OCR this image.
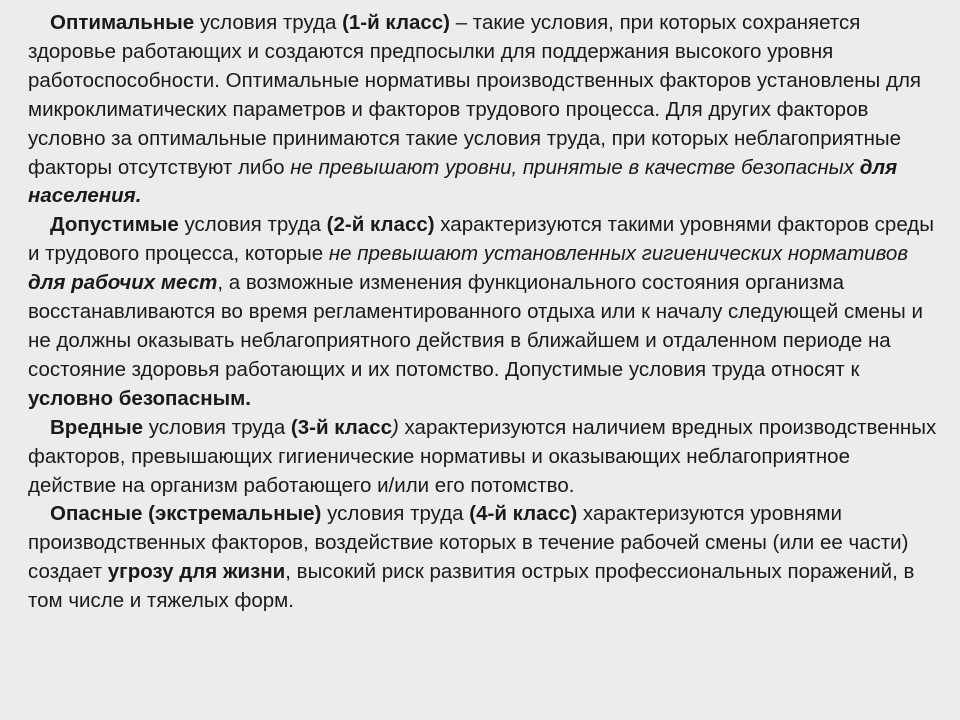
Оптимальные условия труда (1-й класс) – такие условия, при которых сохраняется здоровье работающих и создаются предпосылки для поддержания высокого уровня работоспособности. Оптимальные нормативы производственных факторов установлены для микроклиматических параметров и факторов трудового процесса. Для других факторов условно за оптимальные принимаются такие условия труда, при которых неблагоприятные факторы отсутствуют либо не превышают уровни, принятые в качестве безопасных для населения.

Допустимые условия труда (2-й класс) характеризуются такими уровнями факторов среды и трудового процесса, которые не превышают установленных гигиенических нормативов для рабочих мест, а возможные изменения функционального состояния организма восстанавливаются во время регламентированного отдыха или к началу следующей смены и не должны оказывать неблагоприятного действия в ближайшем и отдаленном периоде на состояние здоровья работающих и их потомство. Допустимые условия труда относят к условно безопасным.

Вредные условия труда (3-й класс) характеризуются наличием вредных производственных факторов, превышающих гигиенические нормативы и оказывающих неблагоприятное действие на организм работающего и/или его потомство.

Опасные (экстремальные) условия труда (4-й класс) характеризуются уровнями производственных факторов, воздействие которых в течение рабочей смены (или ее части) создает угрозу для жизни, высокий риск развития острых профессиональных поражений, в том числе и тяжелых форм.
